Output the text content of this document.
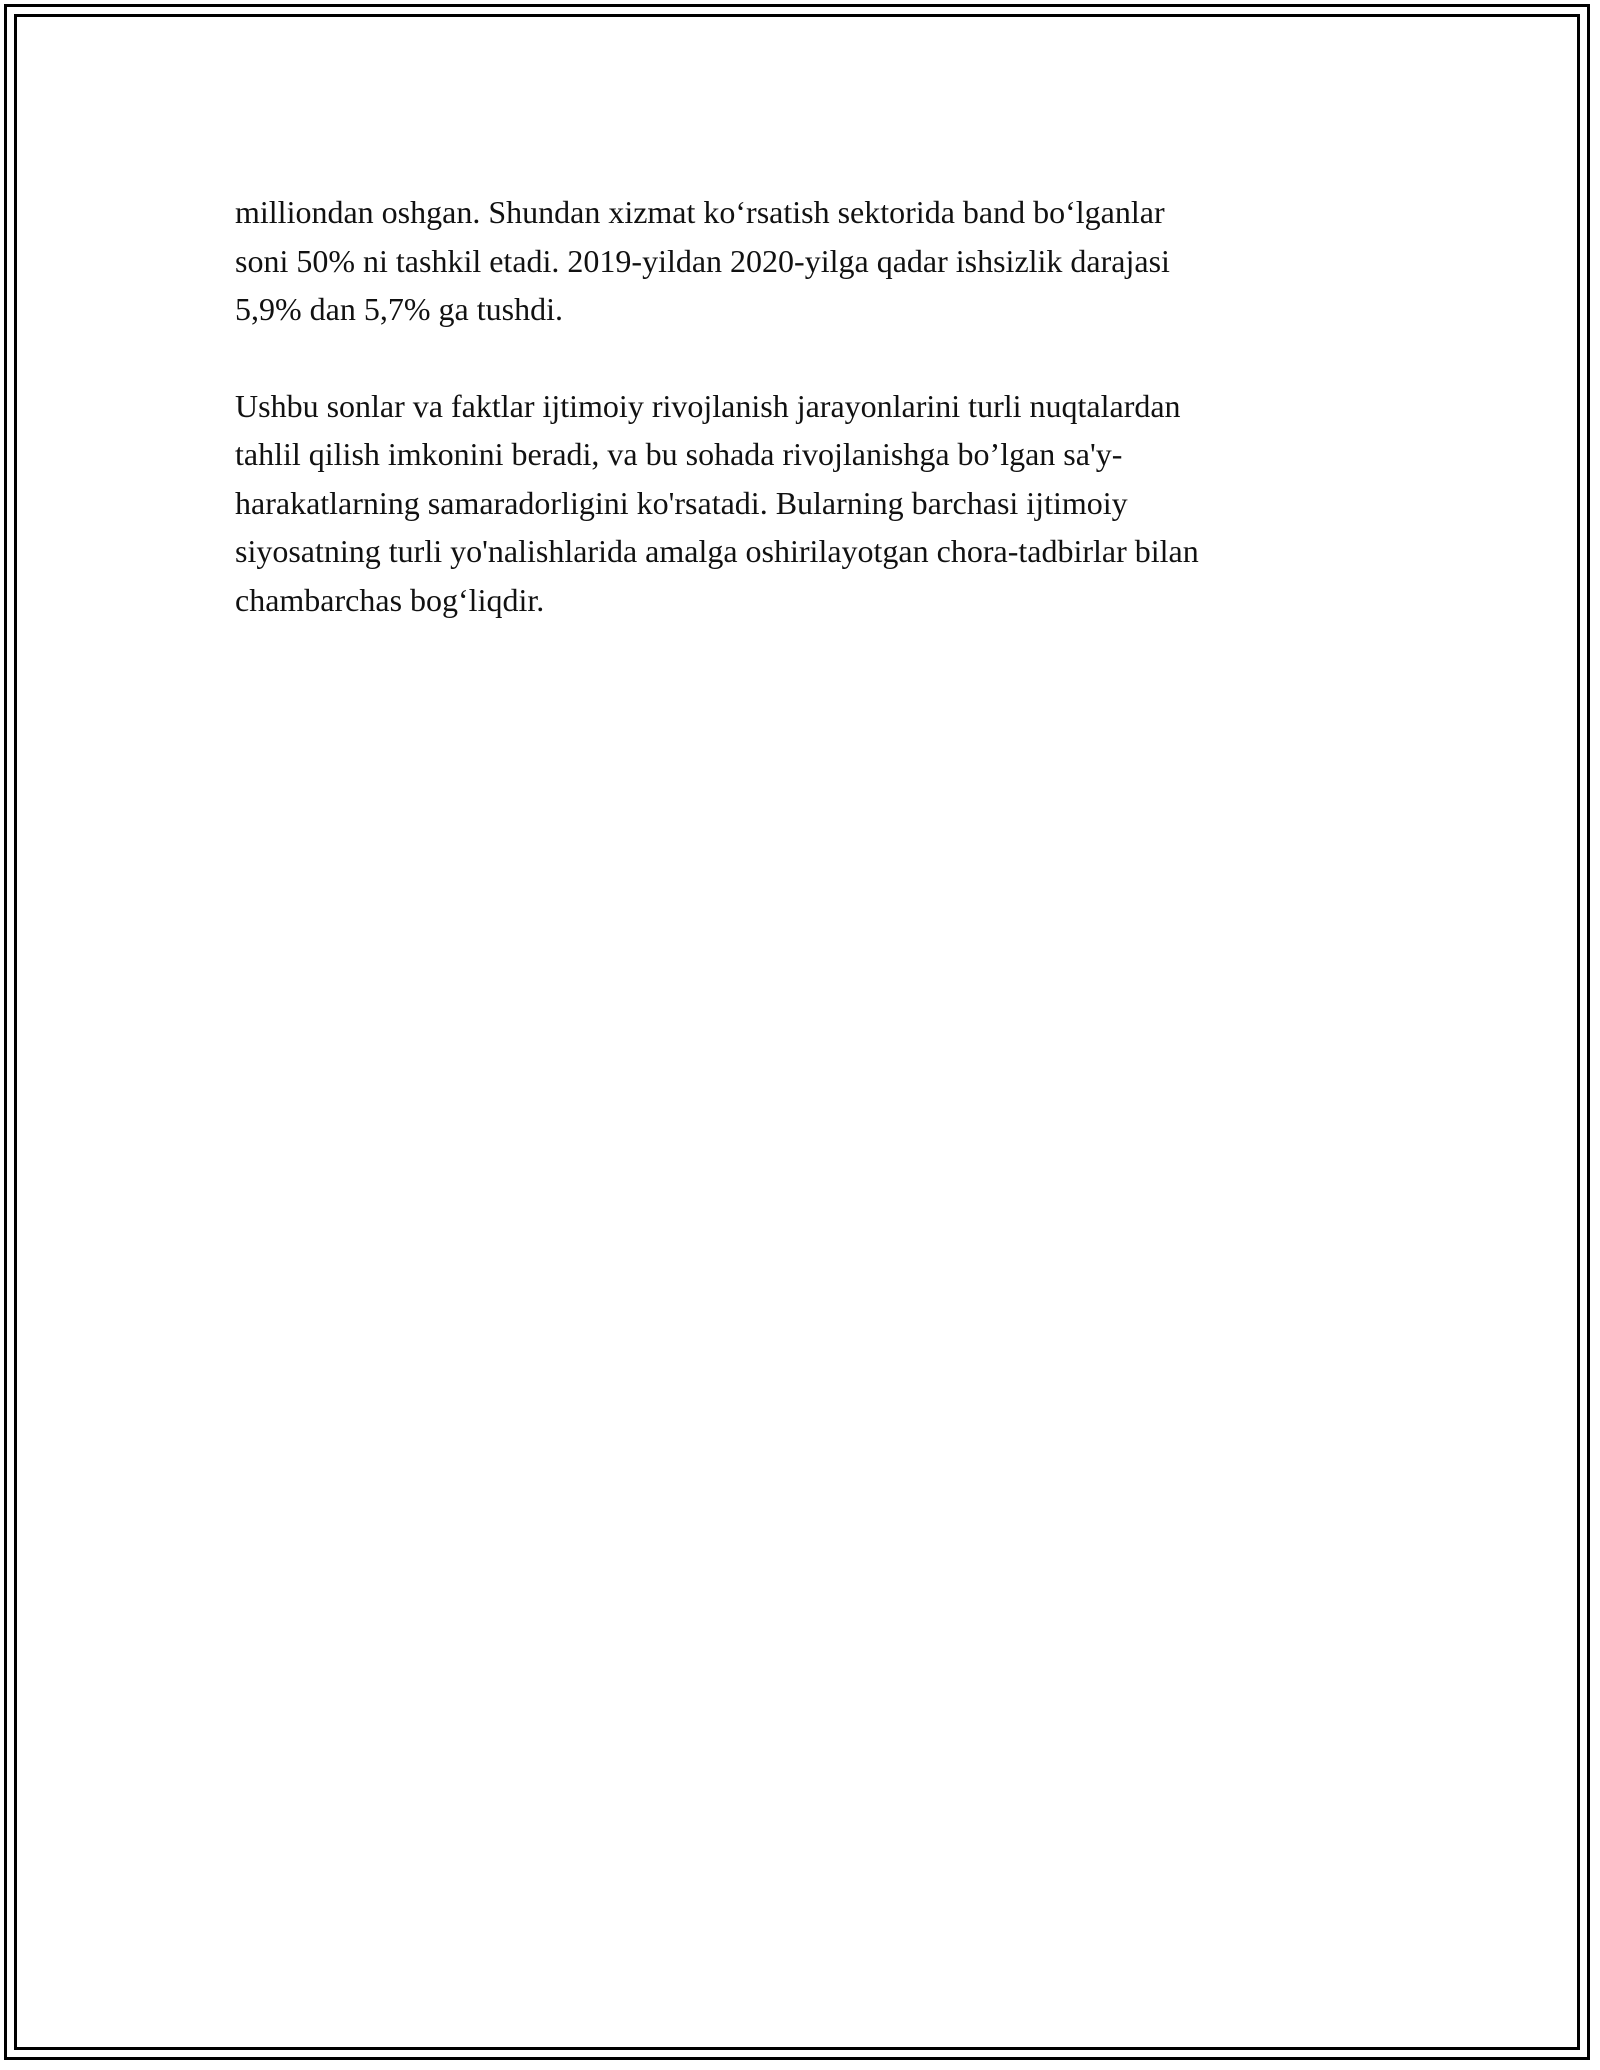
milliondan oshgan. Shundan xizmat ko‘rsatish sektorida band bo‘lganlar
soni 50% ni tashkil etadi. 2019-yildan 2020-yilga qadar ishsizlik darajasi
5,9% dan 5,7% ga tushdi.

Ushbu sonlar va faktlar ijtimoiy rivojlanish jarayonlarini turli nuqtalardan
tahlil qilish imkonini beradi, va bu sohada rivojlanishga bo’lgan sa'y-
harakatlarning samaradorligini ko'rsatadi. Bularning barchasi ijtimoiy
siyosatning turli yo'nalishlarida amalga oshirilayotgan chora-tadbirlar bilan
chambarchas bog‘liqdir.
